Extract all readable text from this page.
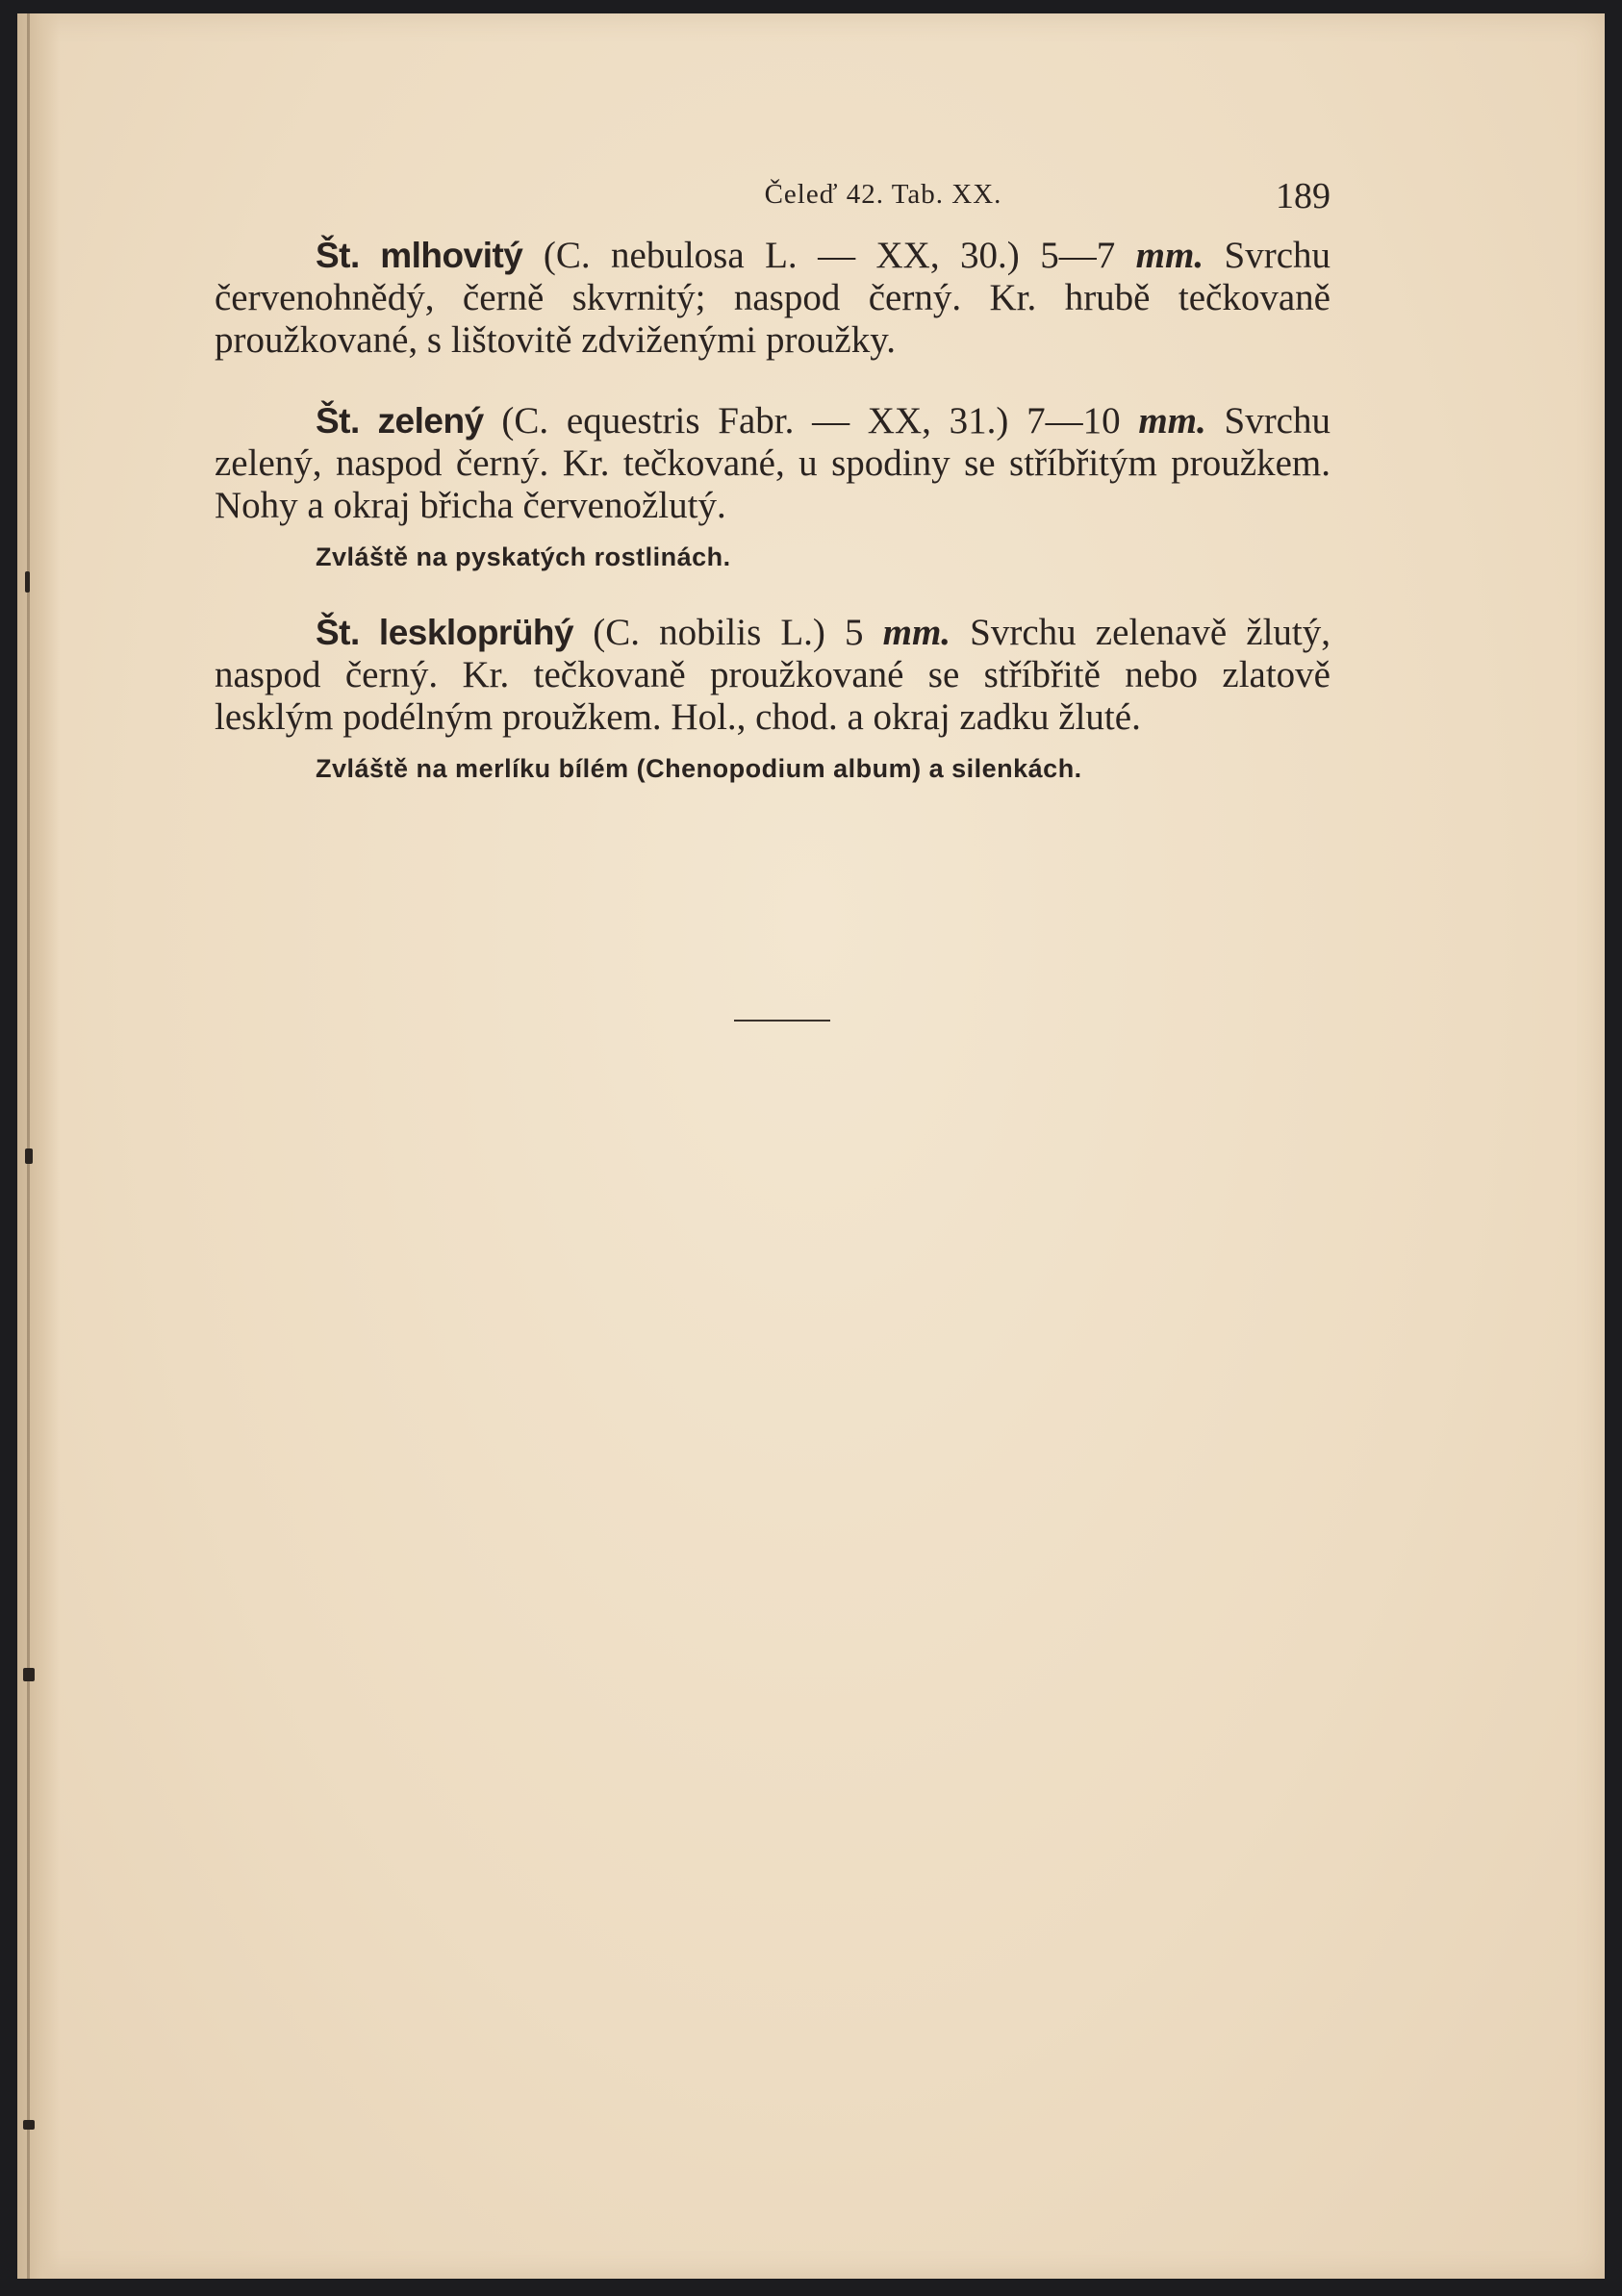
Čeleď 42. Tab. XX.	189

Št. mlhovitý (C. nebulosa L. — XX, 30.) 5—7 mm. Svrchu červenohnědý, černě skvrnitý; naspod černý. Kr. hrubě tečkovaně proužkované, s lištovitě zdviženými proužky.

Št. zelený (C. equestris Fabr. — XX, 31.) 7—10 mm. Svrchu zelený, naspod černý. Kr. tečkované, u spodiny se stříbřitým proužkem. Nohy a okraj břicha červenožlutý.

Zvláště na pyskatých rostlinách.

Št. leskloprühý (C. nobilis L.) 5 mm. Svrchu zelenavě žlutý, naspod černý. Kr. tečkovaně proužkované se stříbřitě nebo zlatově lesklým podélným proužkem. Hol., chod. a okraj zadku žluté.

Zvláště na merlíku bílém (Chenopodium album) a silenkách.
